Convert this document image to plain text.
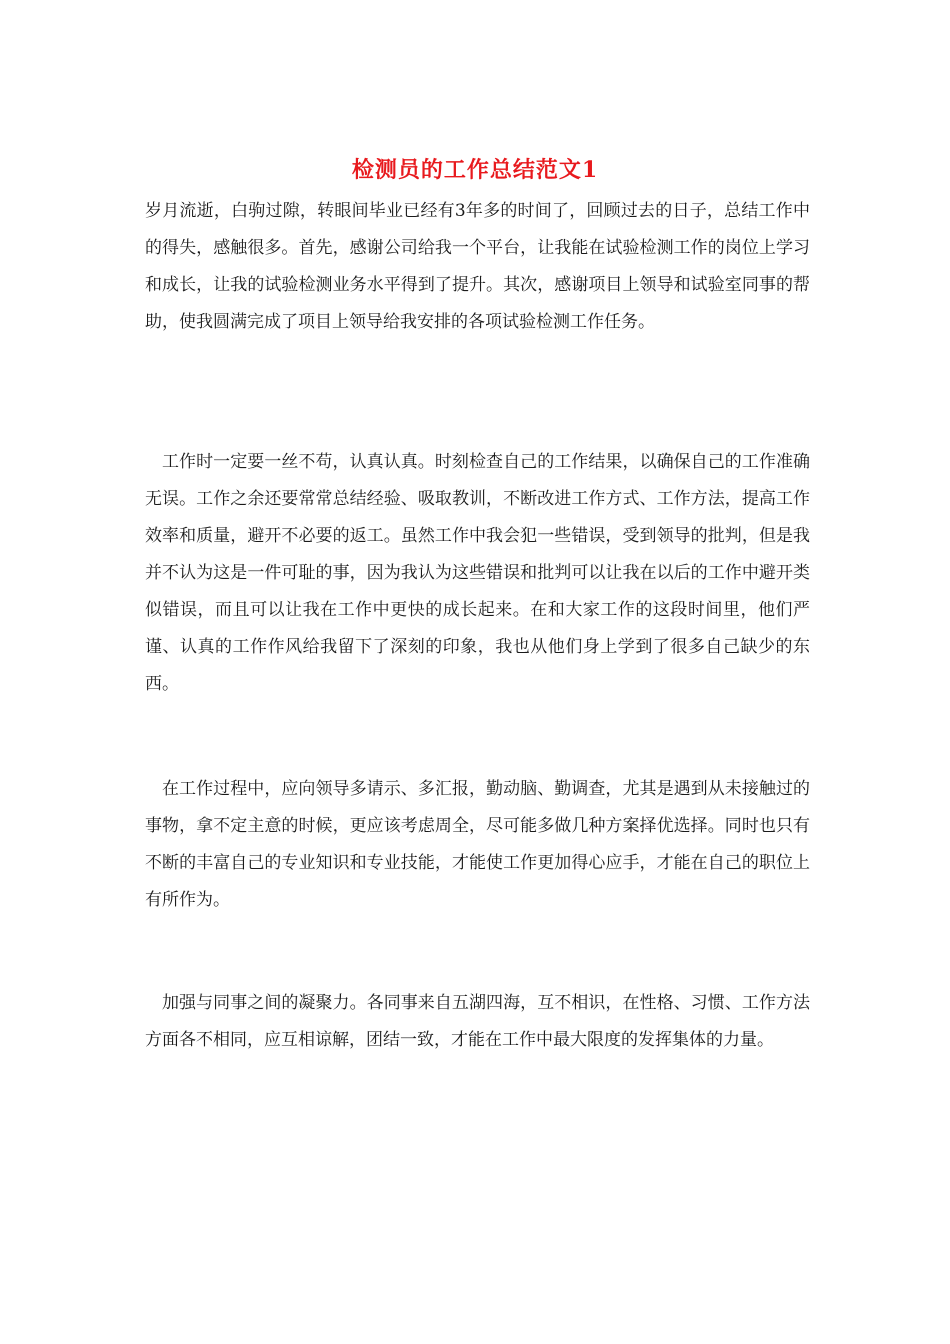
检测员的工作总结范文1

岁月流逝，白驹过隙，转眼间毕业已经有3年多的时间了，回顾过去的日子，总结工作中的得失，感触很多。首先，感谢公司给我一个平台，让我能在试验检测工作的岗位上学习和成长，让我的试验检测业务水平得到了提升。其次，感谢项目上领导和试验室同事的帮助，使我圆满完成了项目上领导给我安排的各项试验检测工作任务。

工作时一定要一丝不苟，认真认真。时刻检查自己的工作结果，以确保自己的工作准确无误。工作之余还要常常总结经验、吸取教训，不断改进工作方式、工作方法，提高工作效率和质量，避开不必要的返工。虽然工作中我会犯一些错误，受到领导的批判，但是我并不认为这是一件可耻的事，因为我认为这些错误和批判可以让我在以后的工作中避开类似错误，而且可以让我在工作中更快的成长起来。在和大家工作的这段时间里，他们严谨、认真的工作作风给我留下了深刻的印象，我也从他们身上学到了很多自己缺少的东西。

在工作过程中，应向领导多请示、多汇报，勤动脑、勤调查，尤其是遇到从未接触过的事物，拿不定主意的时候，更应该考虑周全，尽可能多做几种方案择优选择。同时也只有不断的丰富自己的专业知识和专业技能，才能使工作更加得心应手，才能在自己的职位上有所作为。

加强与同事之间的凝聚力。各同事来自五湖四海，互不相识，在性格、习惯、工作方法方面各不相同，应互相谅解，团结一致，才能在工作中最大限度的发挥集体的力量。
